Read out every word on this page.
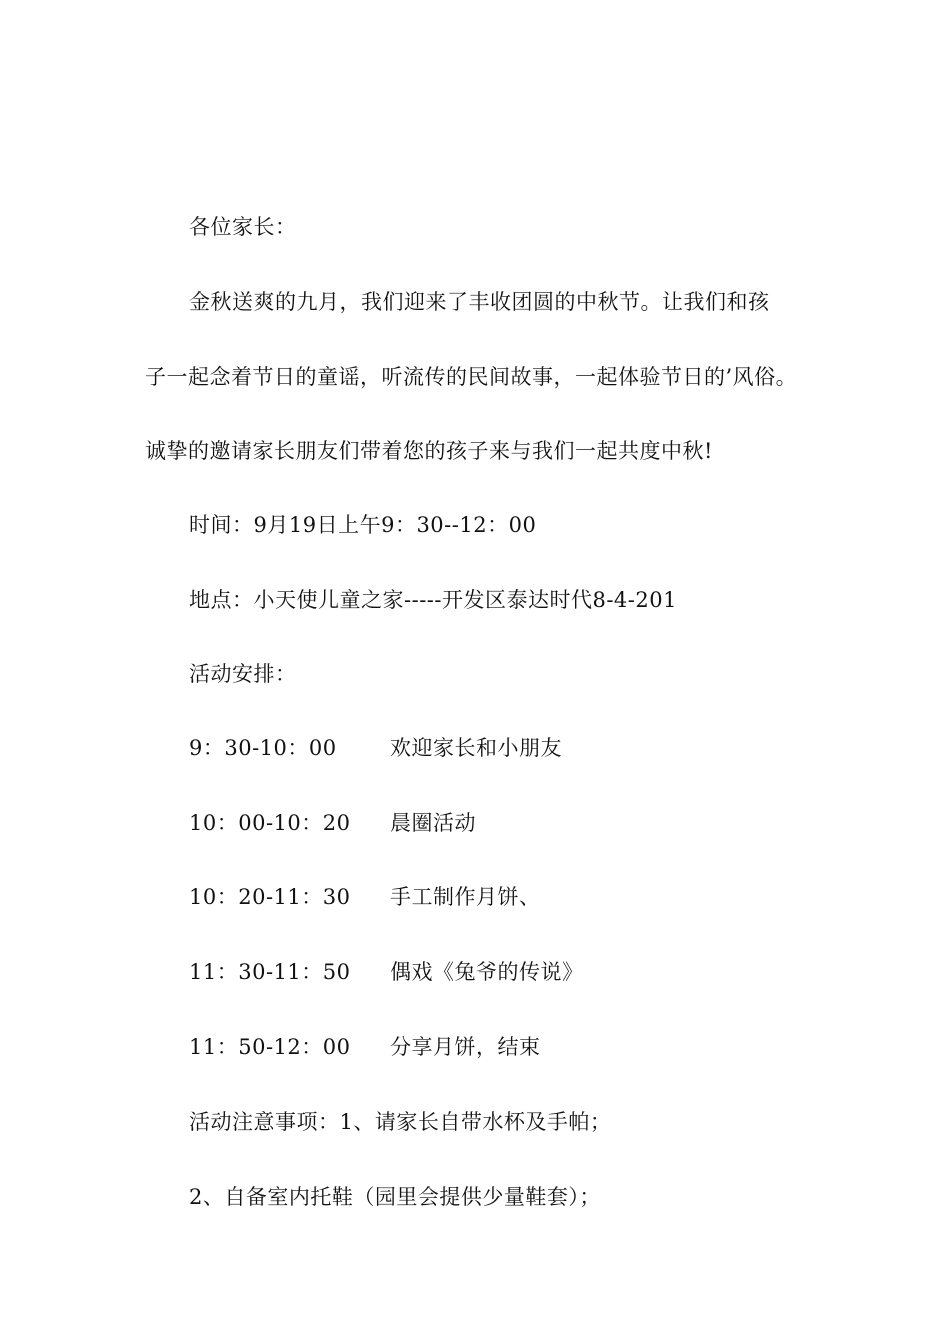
各位家长：
金秋送爽的九月，我们迎来了丰收团圆的中秋节。让我们和孩
子一起念着节日的童谣，听流传的民间故事，一起体验节日的’风俗。
诚挚的邀请家长朋友们带着您的孩子来与我们一起共度中秋!
时间：9月19日上午9：30--12：00
地点：小天使儿童之家-----开发区泰达时代8-4-201
活动安排：
9：30-10：00	欢迎家长和小朋友
10：00-10：20 晨圈活动
10：20-11：30 手工制作月饼、
11：30-11：50 偶戏《兔爷的传说》
11：50-12：00 分享月饼，结束
活动注意事项：1、请家长自带水杯及手帕；
2、自备室内托鞋（园里会提供少量鞋套）；
